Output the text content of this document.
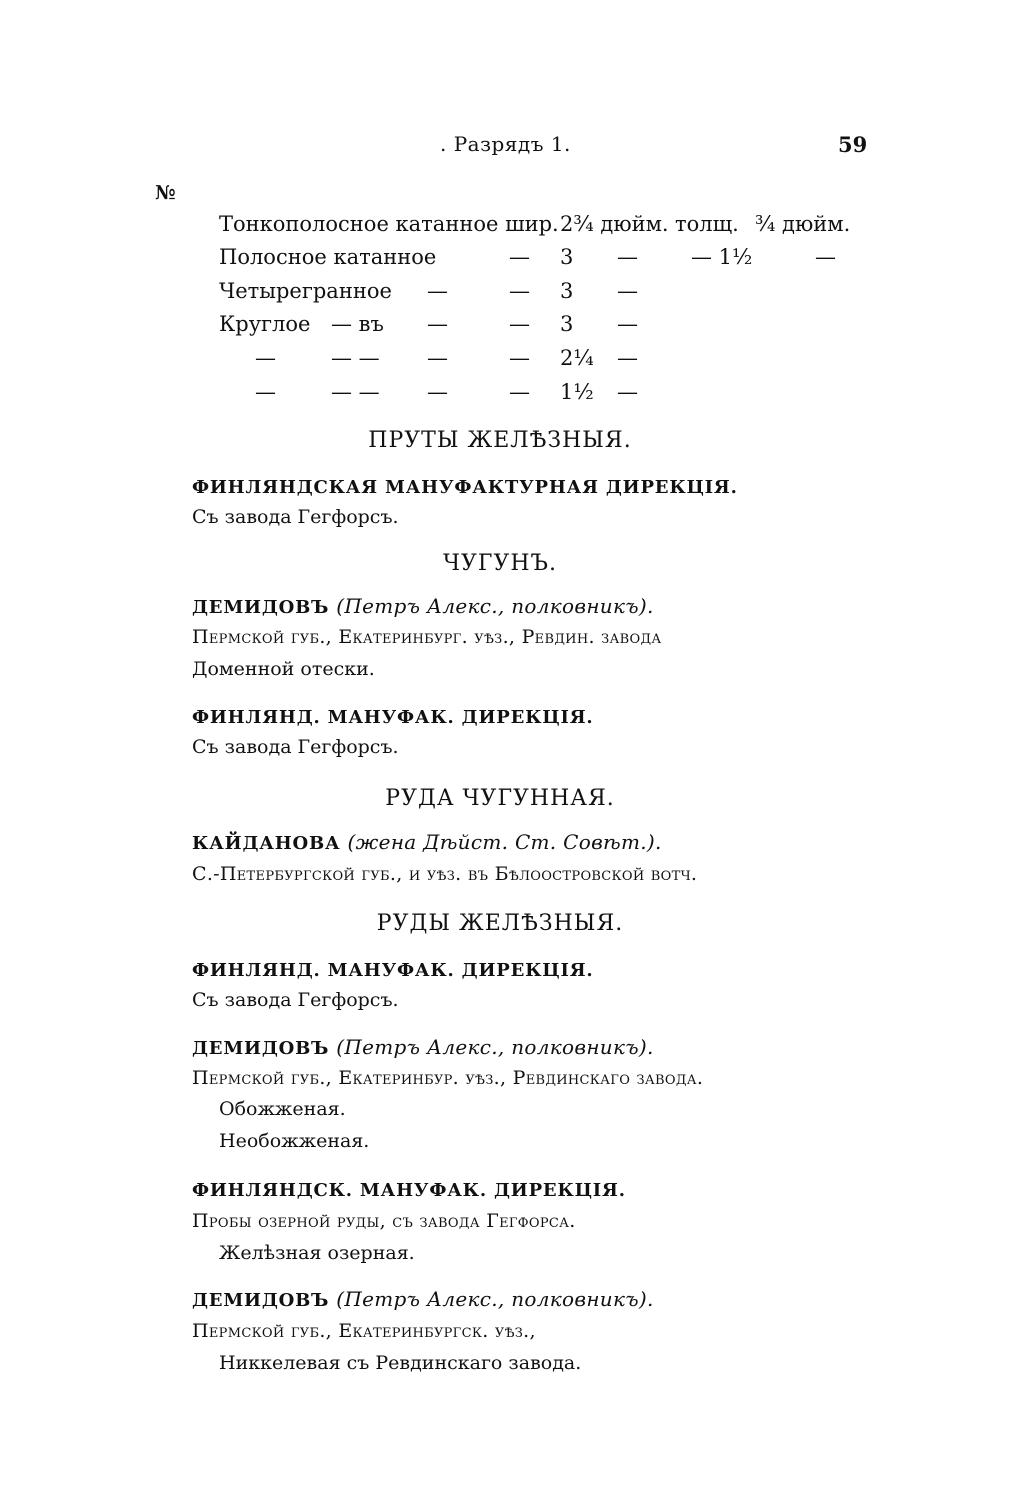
. Разрядъ 1.	59
№
Тонкополосное катанное шир. 2¾ дюйм. толщ. ¾ дюйм.
Полосное катанное	— 3 —	— 1½	—
Четырегранное —	— 3 —
Круглое — въ —	— 3 —
—	— — —	— 2¼ —
—	— — —	— 1½ —
ПРУТЫ ЖЕЛѢЗНЫЯ.
ФИНЛЯНДСКАЯ МАНУФАКТУРНАЯ ДИРЕКЦІЯ.
Съ завода Гегфорсъ.
ЧУГУНЪ.
ДЕМИДОВЪ (Петръ Алекс., полковникъ).
Пермской губ., Екатеринбург. уѣз., Ревдин. завода
Доменной отески.
ФИНЛЯНД. МАНУФАК. ДИРЕКЦІЯ.
Съ завода Гегфорсъ.
РУДА ЧУГУННАЯ.
КАЙДАНОВА (жена Дѣйст. Ст. Совѣт.).
С.-Петербургской губ., и уѣз. въ Бѣлоостровской вотч.
РУДЫ ЖЕЛѢЗНЫЯ.
ФИНЛЯНД. МАНУФАК. ДИРЕКЦІЯ.
Съ завода Гегфорсъ.
ДЕМИДОВЪ (Петръ Алекс., полковникъ).
Пермской губ., Екатеринбур. уѣз., Ревдинскаго завода.
Обожженая.
Необожженая.
ФИНЛЯНДСК. МАНУФАК. ДИРЕКЦІЯ.
Пробы озерной руды, съ завода Гегфорса.
Желѣзная озерная.
ДЕМИДОВЪ (Петръ Алекс., полковникъ).
Пермской губ., Екатеринбургск. уѣз.,
Никкелевая съ Ревдинскаго завода.
